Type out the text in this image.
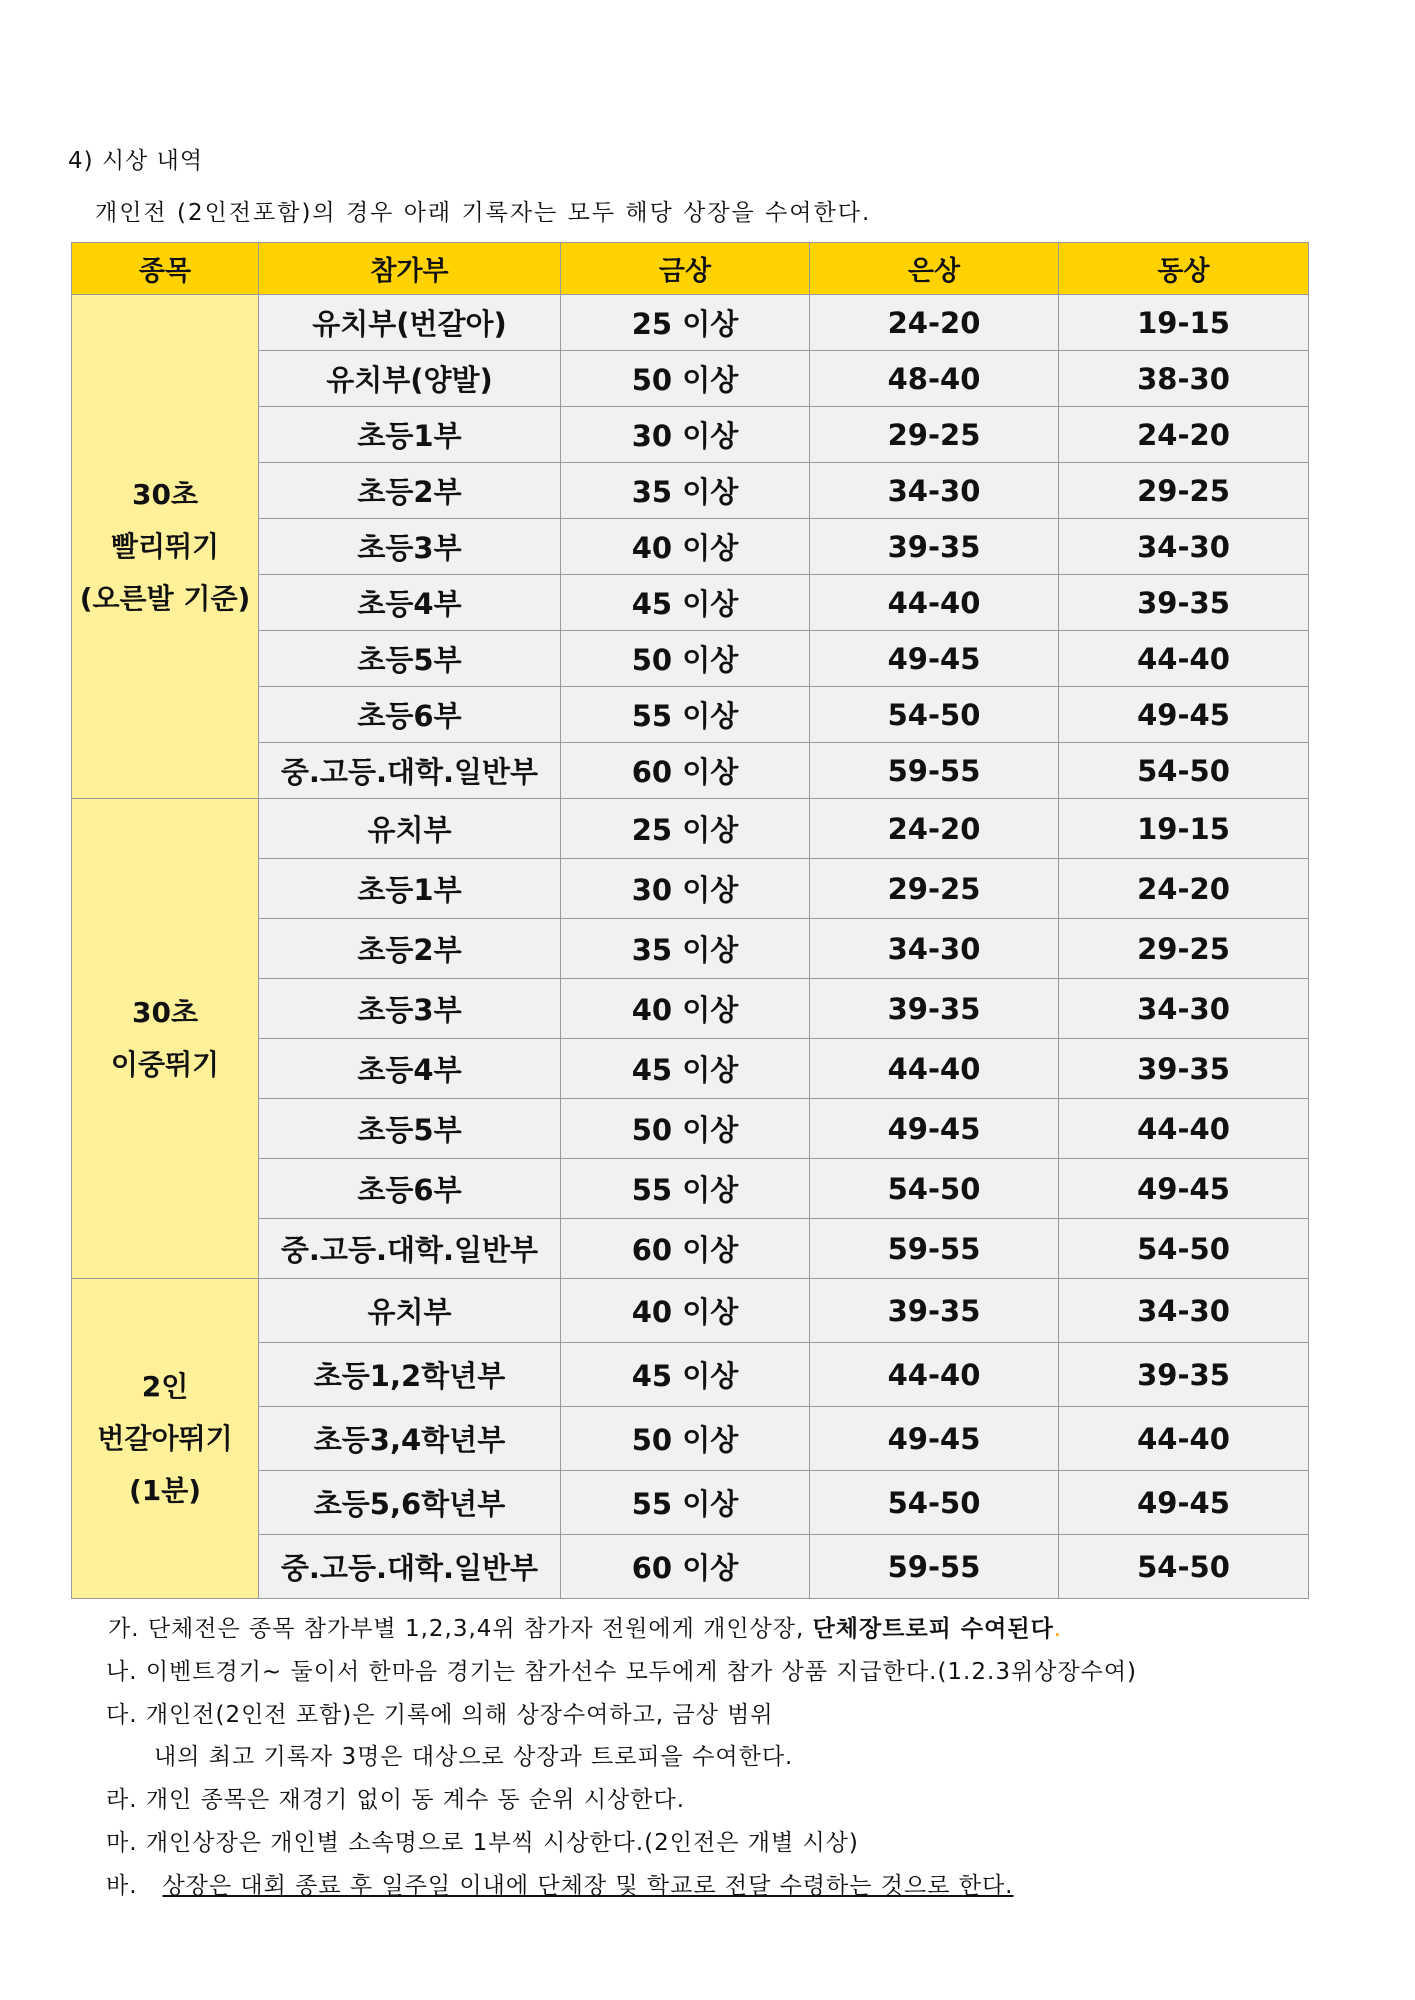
4) 시상 내역
개인전 (2인전포함)의 경우 아래 기록자는 모두 해당 상장을 수여한다.
종목	참가부	금상	은상	동상

30초
빨리뛰기
(오른발 기준)	유치부(번갈아)	25 이상	24-20	19-15
	유치부(양발)	50 이상	48-40	38-30
	초등1부	30 이상	29-25	24-20
	초등2부	35 이상	34-30	29-25
	초등3부	40 이상	39-35	34-30
	초등4부	45 이상	44-40	39-35
	초등5부	50 이상	49-45	44-40
	초등6부	55 이상	54-50	49-45
	중.고등.대학.일반부	60 이상	59-55	54-50

30초
이중뛰기	유치부	25 이상	24-20	19-15
	초등1부	30 이상	29-25	24-20
	초등2부	35 이상	34-30	29-25
	초등3부	40 이상	39-35	34-30
	초등4부	45 이상	44-40	39-35
	초등5부	50 이상	49-45	44-40
	초등6부	55 이상	54-50	49-45
	중.고등.대학.일반부	60 이상	59-55	54-50

2인
번갈아뛰기
(1분)	유치부	40 이상	39-35	34-30
	초등1,2학년부	45 이상	44-40	39-35
	초등3,4학년부	50 이상	49-45	44-40
	초등5,6학년부	55 이상	54-50	49-45
	중.고등.대학.일반부	60 이상	59-55	54-50
가. 단체전은 종목 참가부별 1,2,3,4위 참가자 전원에게 개인상장, 단체장트로피 수여된다.
나. 이벤트경기~ 둘이서 한마음 경기는 참가선수 모두에게 참가 상품 지급한다.(1.2.3위상장수여)
다. 개인전(2인전 포함)은 기록에 의해 상장수여하고, 금상 범위
내의 최고 기록자 3명은 대상으로 상장과 트로피을 수여한다.
라. 개인 종목은 재경기 없이 동 계수 동 순위 시상한다.
마. 개인상장은 개인별 소속명으로 1부씩 시상한다.(2인전은 개별 시상)
바. 상장은 대회 종료 후 일주일 이내에 단체장 및 학교로 전달 수령하는 것으로 한다.
